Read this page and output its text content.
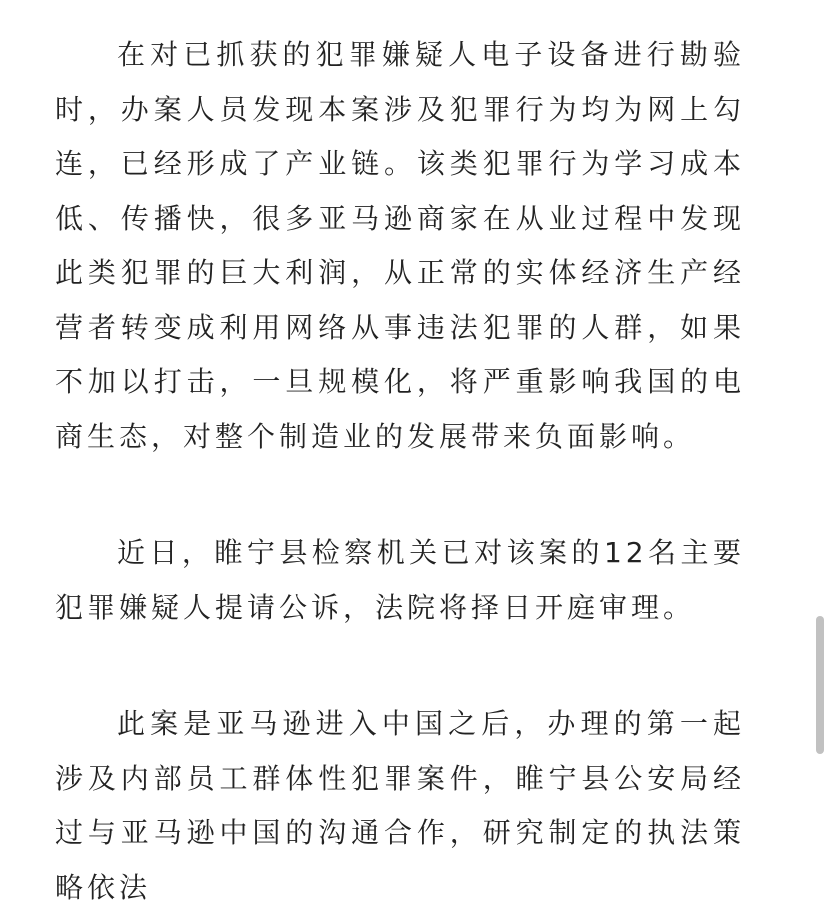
在对已抓获的犯罪嫌疑人电子设备进行勘验时，办案人员发现本案涉及犯罪行为均为网上勾连，已经形成了产业链。该类犯罪行为学习成本低、传播快，很多亚马逊商家在从业过程中发现此类犯罪的巨大利润，从正常的实体经济生产经营者转变成利用网络从事违法犯罪的人群，如果不加以打击，一旦规模化，将严重影响我国的电商生态，对整个制造业的发展带来负面影响。

近日，睢宁县检察机关已对该案的12名主要犯罪嫌疑人提请公诉，法院将择日开庭审理。

此案是亚马逊进入中国之后，办理的第一起涉及内部员工群体性犯罪案件，睢宁县公安局经过与亚马逊中国的沟通合作，研究制定的执法策略依法
